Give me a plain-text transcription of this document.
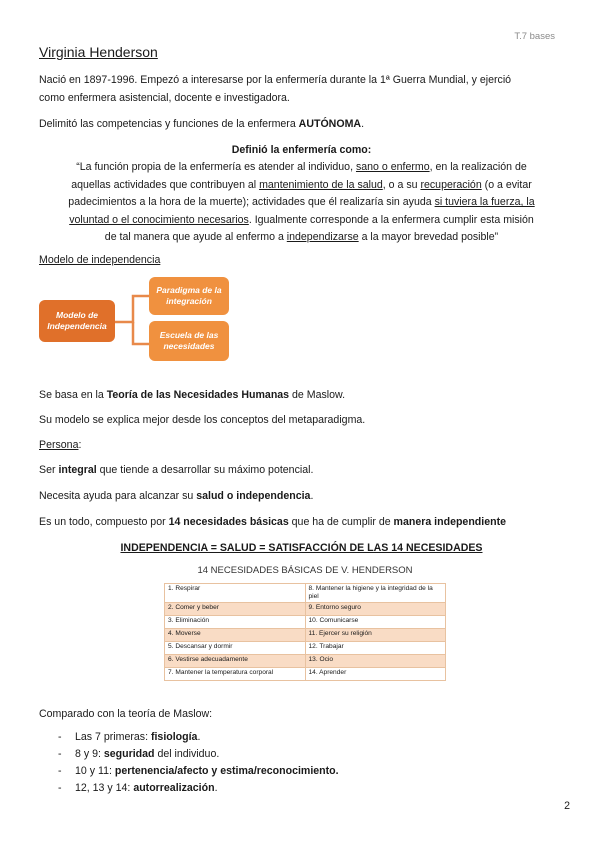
T.7 bases
Virginia Henderson
Nació en 1897-1996. Empezó a interesarse por la enfermería durante la 1ª Guerra Mundial, y ejerció
como enfermera asistencial, docente e investigadora.
Delimitó las competencias y funciones de la enfermera AUTÓNOMA.
Definió la enfermería como:
“La función propia de la enfermería es atender al individuo, sano o enfermo, en la realización de
aquellas actividades que contribuyen al mantenimiento de la salud, o a su recuperación (o a evitar
padecimientos a la hora de la muerte); actividades que él realizaría sin ayuda si tuviera la fuerza, la
voluntad o el conocimiento necesarios. Igualmente corresponde a la enfermera cumplir esta misión
de tal manera que ayude al enfermo a independizarse a la mayor brevedad posible”
Modelo de independencia
Modelo de Independencia
Paradigma de la integración
Escuela de las necesidades
Se basa en la Teoría de las Necesidades Humanas de Maslow.
Su modelo se explica mejor desde los conceptos del metaparadigma.
Persona:
Ser integral que tiende a desarrollar su máximo potencial.
Necesita ayuda para alcanzar su salud o independencia.
Es un todo, compuesto por 14 necesidades básicas que ha de cumplir de manera independiente
INDEPENDENCIA = SALUD = SATISFACCIÓN DE LAS 14 NECESIDADES
14 NECESIDADES BÁSICAS DE V. HENDERSON
1. Respirar	8. Mantener la higiene y la integridad de la piel
2. Comer y beber	9. Entorno seguro
3. Eliminación	10. Comunicarse
4. Moverse	11. Ejercer su religión
5. Descansar y dormir	12. Trabajar
6. Vestirse adecuadamente	13. Ocio
7. Mantener la temperatura corporal	14. Aprender
Comparado con la teoría de Maslow:
- Las 7 primeras: fisiología.
- 8 y 9: seguridad del individuo.
- 10 y 11: pertenencia/afecto y estima/reconocimiento.
- 12, 13 y 14: autorrealización.
2
